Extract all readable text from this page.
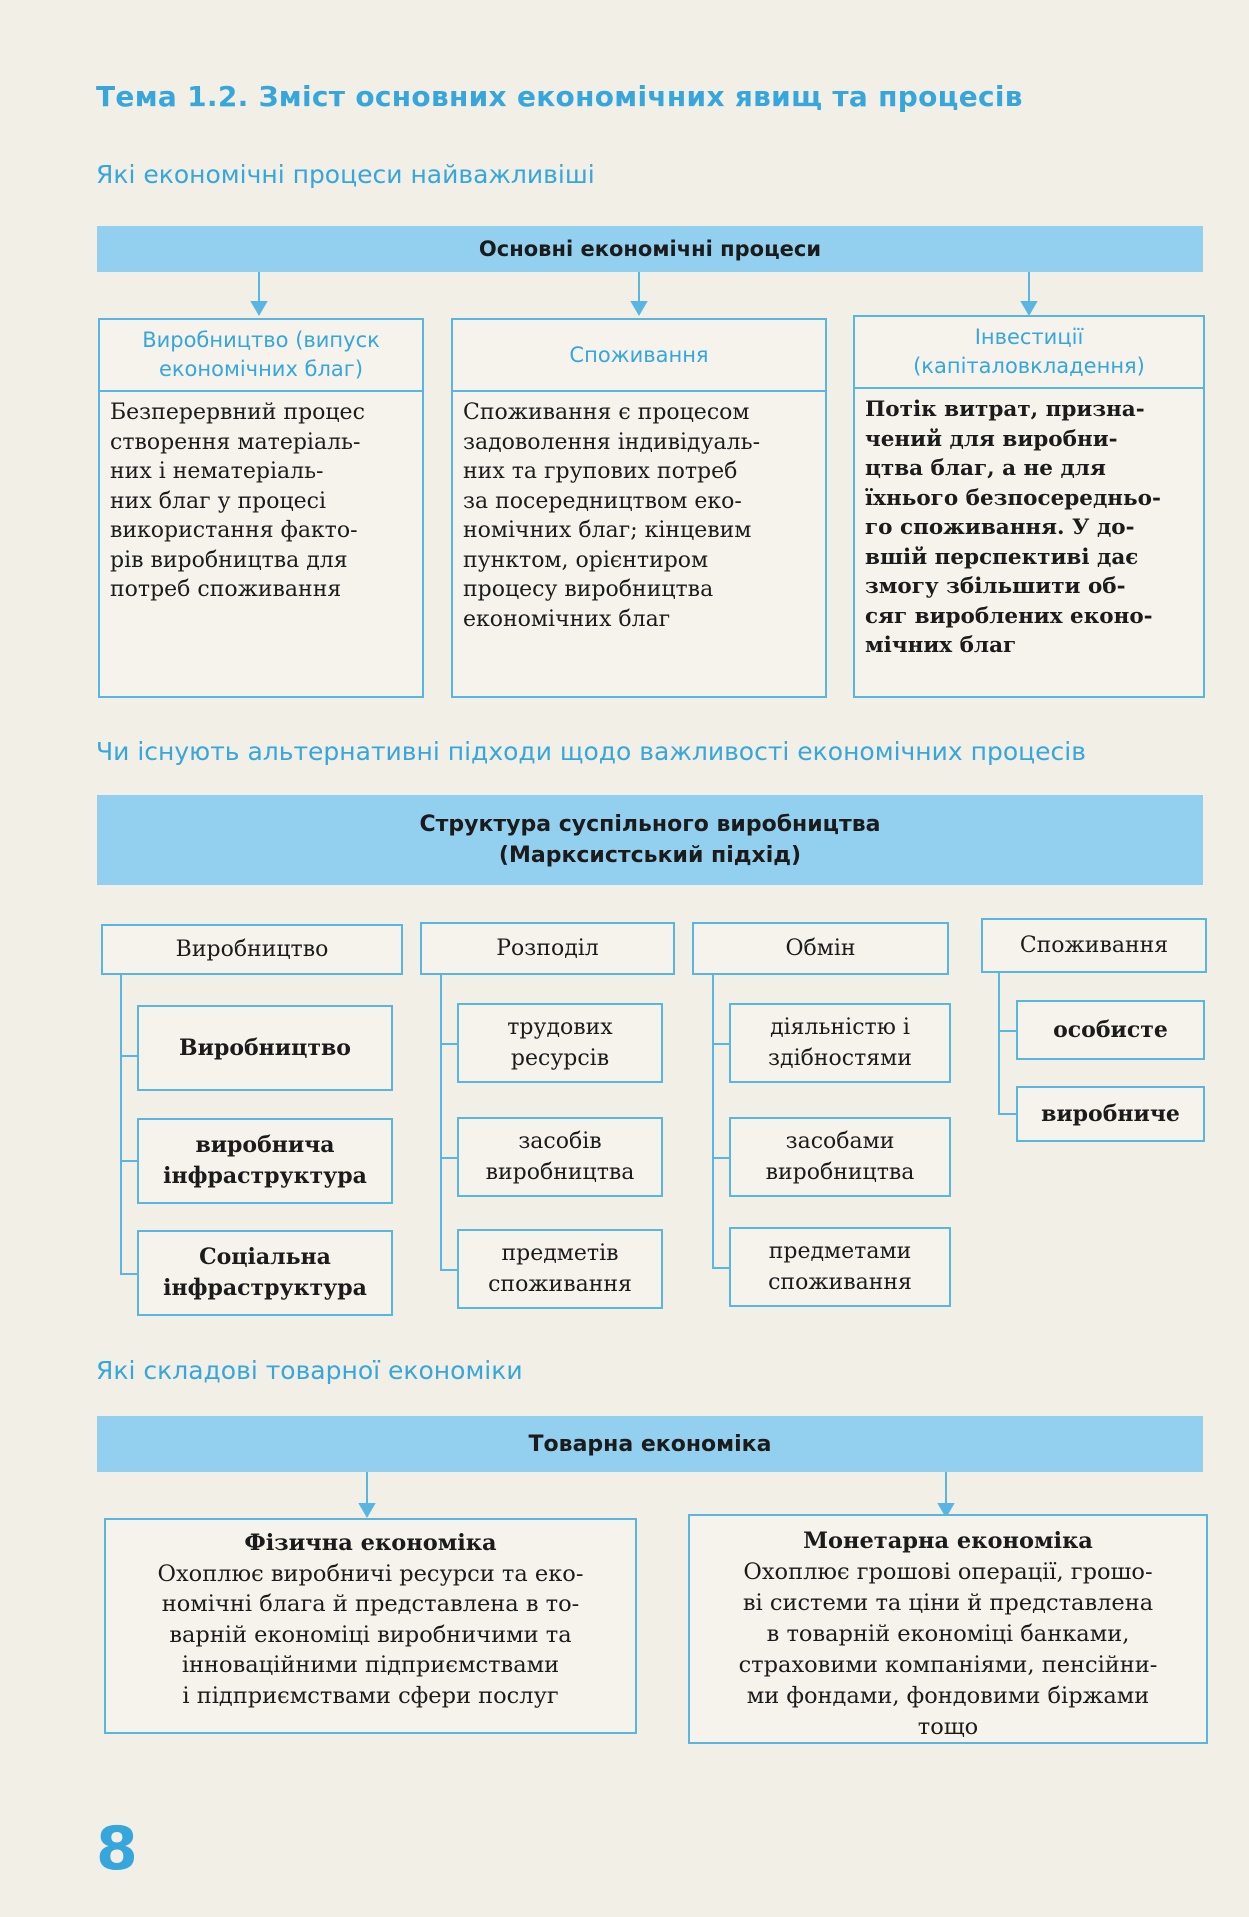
Тема 1.2. Зміст основних економічних явищ та процесів
Які економічні процеси найважливіші
Основні економічні процеси
Виробництво (випуск
економічних благ)
Безперервний процес
створення матеріаль-
них і нематеріаль-
них благ у процесі
використання факто-
рів виробництва для
потреб споживання
Споживання
Споживання є процесом
задоволення індивідуаль-
них та групових потреб
за посередництвом еко-
номічних благ; кінцевим
пунктом, орієнтиром
процесу виробництва
економічних благ
Інвестиції
(капіталовкладення)
Потік витрат, призна-
чений для виробни-
цтва благ, а не для
їхнього безпосередньо-
го споживання. У до-
вшій перспективі дає
змогу збільшити об-
сяг вироблених еконо-
мічних благ
Чи існують альтернативні підходи щодо важливості економічних процесів
Структура суспільного виробництва
(Марксистський підхід)
Виробництво	Розподіл	Обмін	Споживання
Виробництво
виробнича інфраструктура
Соціальна інфраструктура
трудових ресурсів
засобів виробництва
предметів споживання
діяльністю і здібностями
засобами виробництва
предметами споживання
особисте
виробниче
Які складові товарної економіки
Товарна економіка
Фізична економіка
Охоплює виробничі ресурси та еко-
номічні блага й представлена в то-
варній економіці виробничими та
інноваційними підприємствами
і підприємствами сфери послуг
Монетарна економіка
Охоплює грошові операції, грошо-
ві системи та ціни й представлена
в товарній економіці банками,
страховими компаніями, пенсійни-
ми фондами, фондовими біржами
тощо
8
